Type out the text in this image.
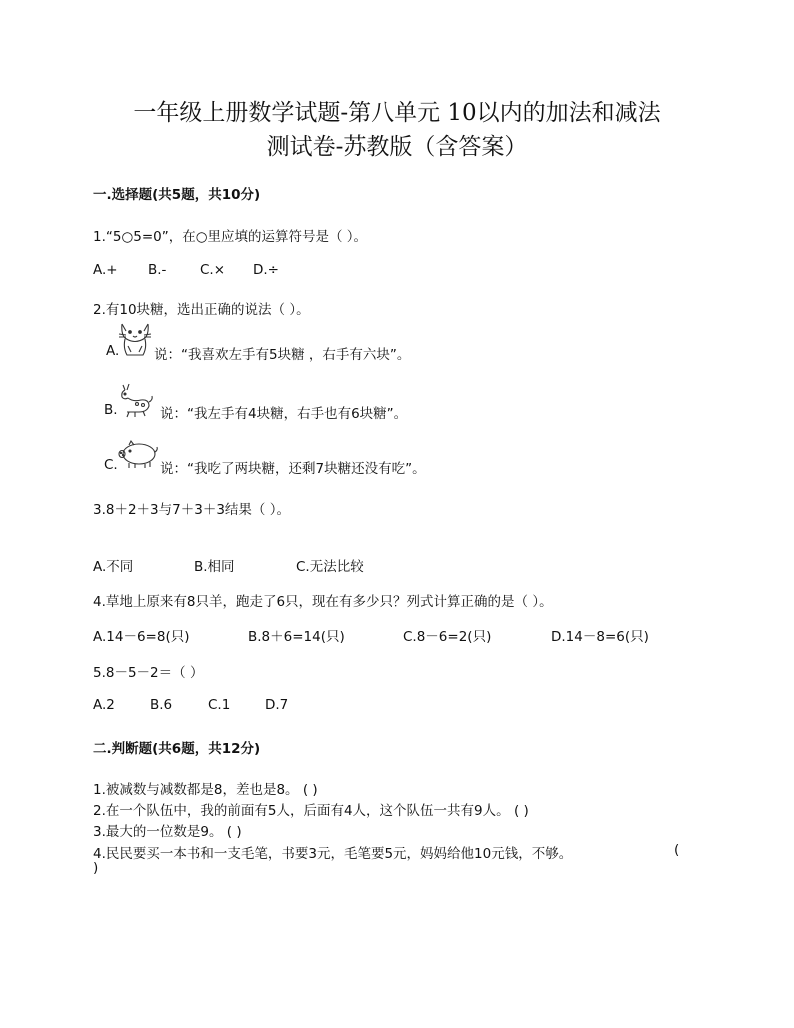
一年级上册数学试题-第八单元 10以内的加法和减法
测试卷-苏教版（含答案）
一.选择题(共5题，共10分)
1.“5○5=0”，在○里应填的运算符号是（ ）。
A.+ B.- C.× D.÷
2.有10块糖，选出正确的说法（ ）。
A.	说：“我喜欢左手有5块糖 ，右手有六块”。
B.	说：“我左手有4块糖，右手也有6块糖”。
C.	说：“我吃了两块糖，还剩7块糖还没有吃”。
3.8＋2＋3与7＋3＋3结果（ ）。
A.不同	B.相同	C.无法比较
4.草地上原来有8只羊，跑走了6只，现在有多少只？列式计算正确的是（ ）。
A.14－6=8(只)	B.8＋6=14(只)	C.8－6=2(只)	D.14－8=6(只)
5.8－5－2＝（ ）
A.2	B.6	C.1	D.7
二.判断题(共6题，共12分)
1.被减数与减数都是8，差也是8。 ( )
2.在一个队伍中，我的前面有5人，后面有4人，这个队伍一共有9人。 ( )
3.最大的一位数是9。 ( )
4.民民要买一本书和一支毛笔，书要3元，毛笔要5元，妈妈给他10元钱，不够。	(
)
